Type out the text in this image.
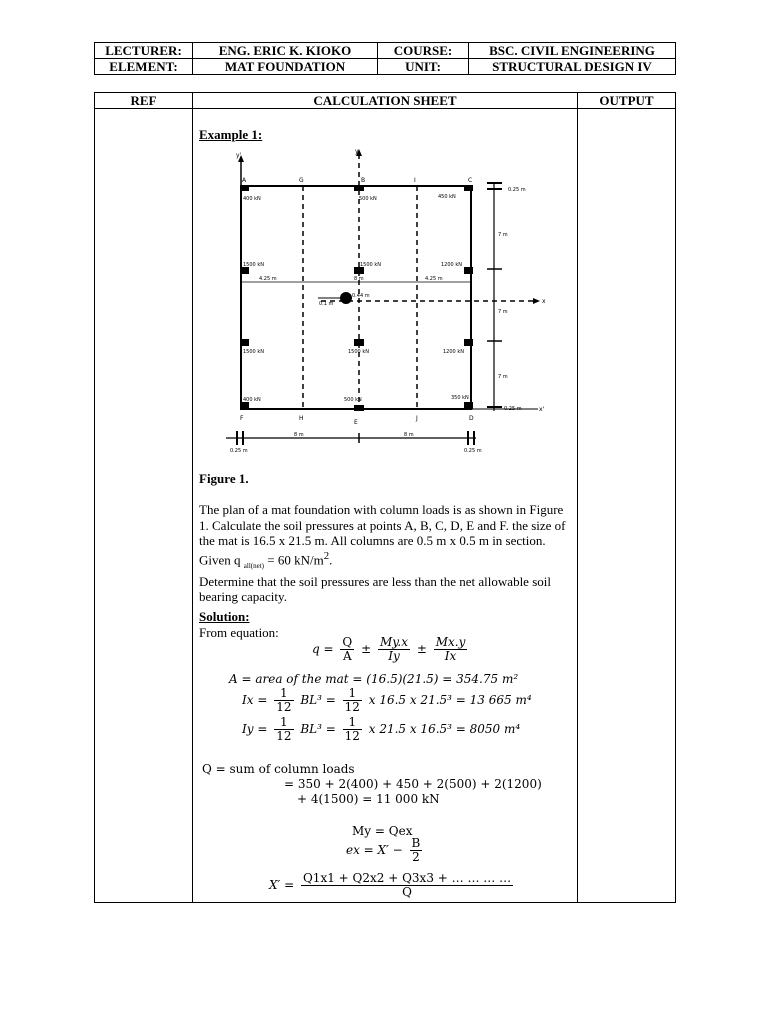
LECTURER:	ENG. ERIC K. KIOKO	COURSE:	BSC. CIVIL ENGINEERING
ELEMENT:	MAT FOUNDATION	UNIT:	STRUCTURAL DESIGN IV
REF	CALCULATION SHEET	OUTPUT

Example 1:
A	G	B	I	C
F	H
E
J	D
y'
y
x
x'
400 kN	500 kN	450 kN
1500 kN	1500 kN	1200 kN
1500 kN	1500 kN	1200 kN
400 kN	500 kN	350 kN
4.25 m	8 m	4.25 m
0.1 m
0.44 m
0.25 m
7 m
7 m
7 m
0.25 m
8 m	8 m
0.25 m	0.25 m
Figure 1.
The plan of a mat foundation with column loads is as shown in Figure 1. Calculate the soil pressures at points A, B, C, D, E and F. the size of the mat is 16.5 x 21.5 m. All columns are 0.5 m x 0.5 m in section. Given q $_{all(net)}$ = 60 $kN/m^2$.
Determine that the soil pressures are less than the net allowable soil bearing capacity.
Solution:
From equation:
$q = \frac{Q}{A} \pm \frac{My.x}{Iy} \pm \frac{Mx.y}{Ix}$
A = area of the mat = (16.5)(21.5) = 354.75 m²
$Ix = \frac{1}{12} BL^3 = \frac{1}{12}$ x 16.5 x 21.5³ = 13 665 m⁴
$Iy = \frac{1}{12} BL^3 = \frac{1}{12}$ x 21.5 x 16.5³ = 8050 m⁴
Q = sum of column loads
= 350 + 2(400) + 450 + 2(500) + 2(1200)
+ 4(1500) = 11 000 kN
My = Qex
ex = $X' - \frac{B}{2}$
$X' = \frac{Q1x1 + Q2x2 + Q3x3 + \dots \dots \dots \dots}{Q}$
